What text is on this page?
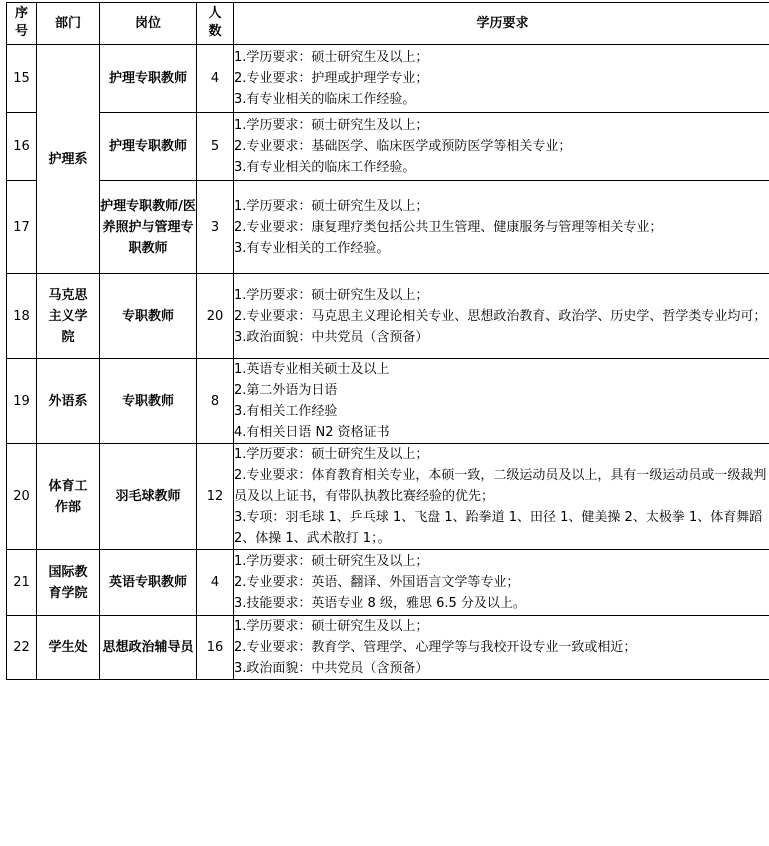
序号	部门	岗位	人数	学历要求
15	护理系	护理专职教师	4	1.学历要求：硕士研究生及以上；
2.专业要求：护理或护理学专业；
3.有专业相关的临床工作经验。

16		护理专职教师	5	1.学历要求：硕士研究生及以上；
2.专业要求：基础医学、临床医学或预防医学等相关专业；
3.有专业相关的临床工作经验。

17		护理专职教师/医养照护与管理专职教师	3	1.学历要求：硕士研究生及以上；
2.专业要求：康复理疗类包括公共卫生管理、健康服务与管理等相关专业；
3.有专业相关的工作经验。

18	马克思主义学院	专职教师	20	1.学历要求：硕士研究生及以上；
2.专业要求：马克思主义理论相关专业、思想政治教育、政治学、历史学、哲学类专业均可；
3.政治面貌：中共党员（含预备）

19	外语系	专职教师	8	1.英语专业相关硕士及以上
2.第二外语为日语
3.有相关工作经验
4.有相关日语 N2 资格证书

20	体育工作部	羽毛球教师	12	1.学历要求：硕士研究生及以上；
2.专业要求：体育教育相关专业，本硕一致，二级运动员及以上，具有一级运动员或一级裁判员及以上证书，有带队执教比赛经验的优先；
3.专项：羽毛球 1、乒乓球 1、飞盘 1、跆拳道 1、田径 1、健美操 2、太极拳 1、体育舞蹈 2、体操 1、武术散打 1；。

21	国际教育学院	英语专职教师	4	1.学历要求：硕士研究生及以上；
2.专业要求：英语、翻译、外国语言文学等专业；
3.技能要求：英语专业 8 级，雅思 6.5 分及以上。

22	学生处	思想政治辅导员	16	1.学历要求：硕士研究生及以上；
2.专业要求：教育学、管理学、心理学等与我校开设专业一致或相近；
3.政治面貌：中共党员（含预备）
